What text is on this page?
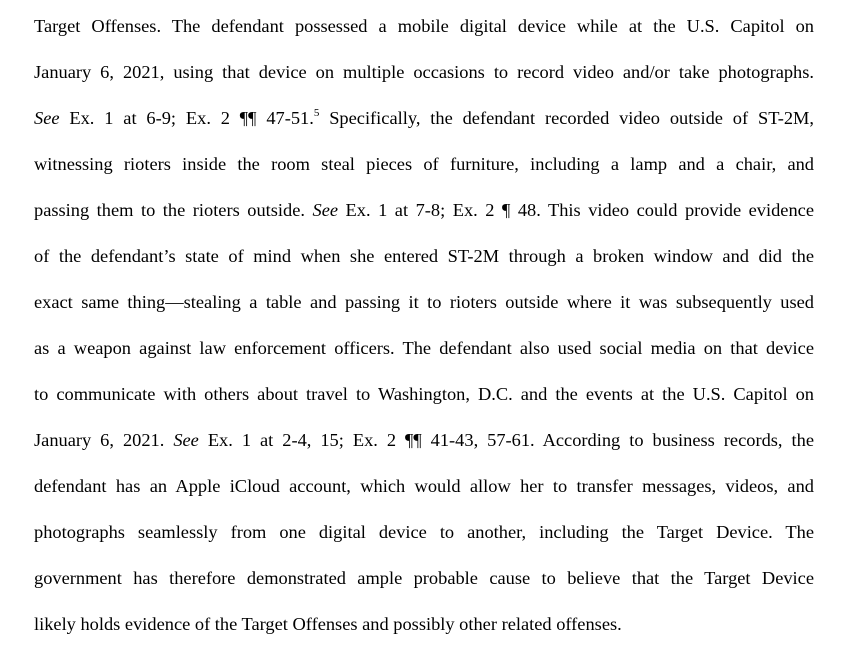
Target Offenses. The defendant possessed a mobile digital device while at the U.S. Capitol on
January 6, 2021, using that device on multiple occasions to record video and/or take photographs.
See Ex. 1 at 6-9; Ex. 2 ¶¶ 47-51.$^5$ Specifically, the defendant recorded video outside of ST-2M,
witnessing rioters inside the room steal pieces of furniture, including a lamp and a chair, and
passing them to the rioters outside. See Ex. 1 at 7-8; Ex. 2 ¶ 48. This video could provide evidence
of the defendant’s state of mind when she entered ST-2M through a broken window and did the
exact same thing—stealing a table and passing it to rioters outside where it was subsequently used
as a weapon against law enforcement officers. The defendant also used social media on that device
to communicate with others about travel to Washington, D.C. and the events at the U.S. Capitol on
January 6, 2021. See Ex. 1 at 2-4, 15; Ex. 2 ¶¶ 41-43, 57-61. According to business records, the
defendant has an Apple iCloud account, which would allow her to transfer messages, videos, and
photographs seamlessly from one digital device to another, including the Target Device. The
government has therefore demonstrated ample probable cause to believe that the Target Device
likely holds evidence of the Target Offenses and possibly other related offenses.
